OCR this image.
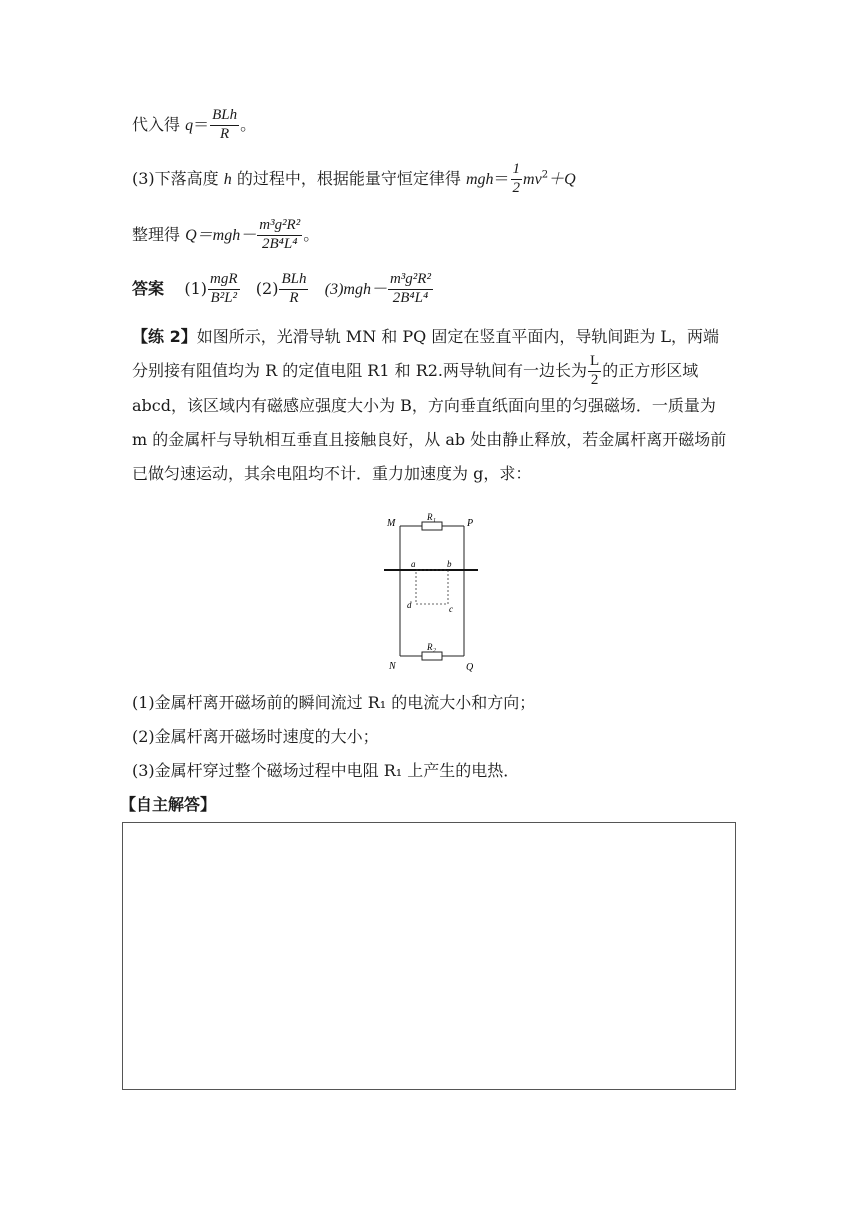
代入得 $q= \frac{\text{BLh}}{R}$ 。
(3)下落高度 h 的过程中，根据能量守恒定律得 $mgh= \frac{1}{2} mv^2+Q$
整理得 $Q=mgh- \frac{\text{m³g²R²}}{\text{2B⁴L⁴}}$ 。
答案 $(1) \frac{\text{mgR}}{\text{B²L²}} (2) \frac{\text{BLh}}{R} (3)mgh- \frac{\text{m³g²R²}}{\text{2B⁴L⁴}}$
【练 2】如图所示，光滑导轨 MN 和 PQ 固定在竖直平面内，导轨间距为 L，两端分别接有阻值均为 R 的定值电阻 R1 和 R2.两导轨间有一边长为 $\frac{L}{2}$ 的正方形区域 abcd，该区域内有磁感应强度大小为 B，方向垂直纸面向里的匀强磁场．一质量为 m 的金属杆与导轨相互垂直且接触良好，从 ab 处由静止释放，若金属杆离开磁场前已做匀速运动，其余电阻均不计．重力加速度为 g，求：
M	P
N	Q
R 1
R 2
a	b
d	c
(1)金属杆离开磁场前的瞬间流过 R₁ 的电流大小和方向；
(2)金属杆离开磁场时速度的大小；
(3)金属杆穿过整个磁场过程中电阻 R₁ 上产生的电热．
【自主解答】
